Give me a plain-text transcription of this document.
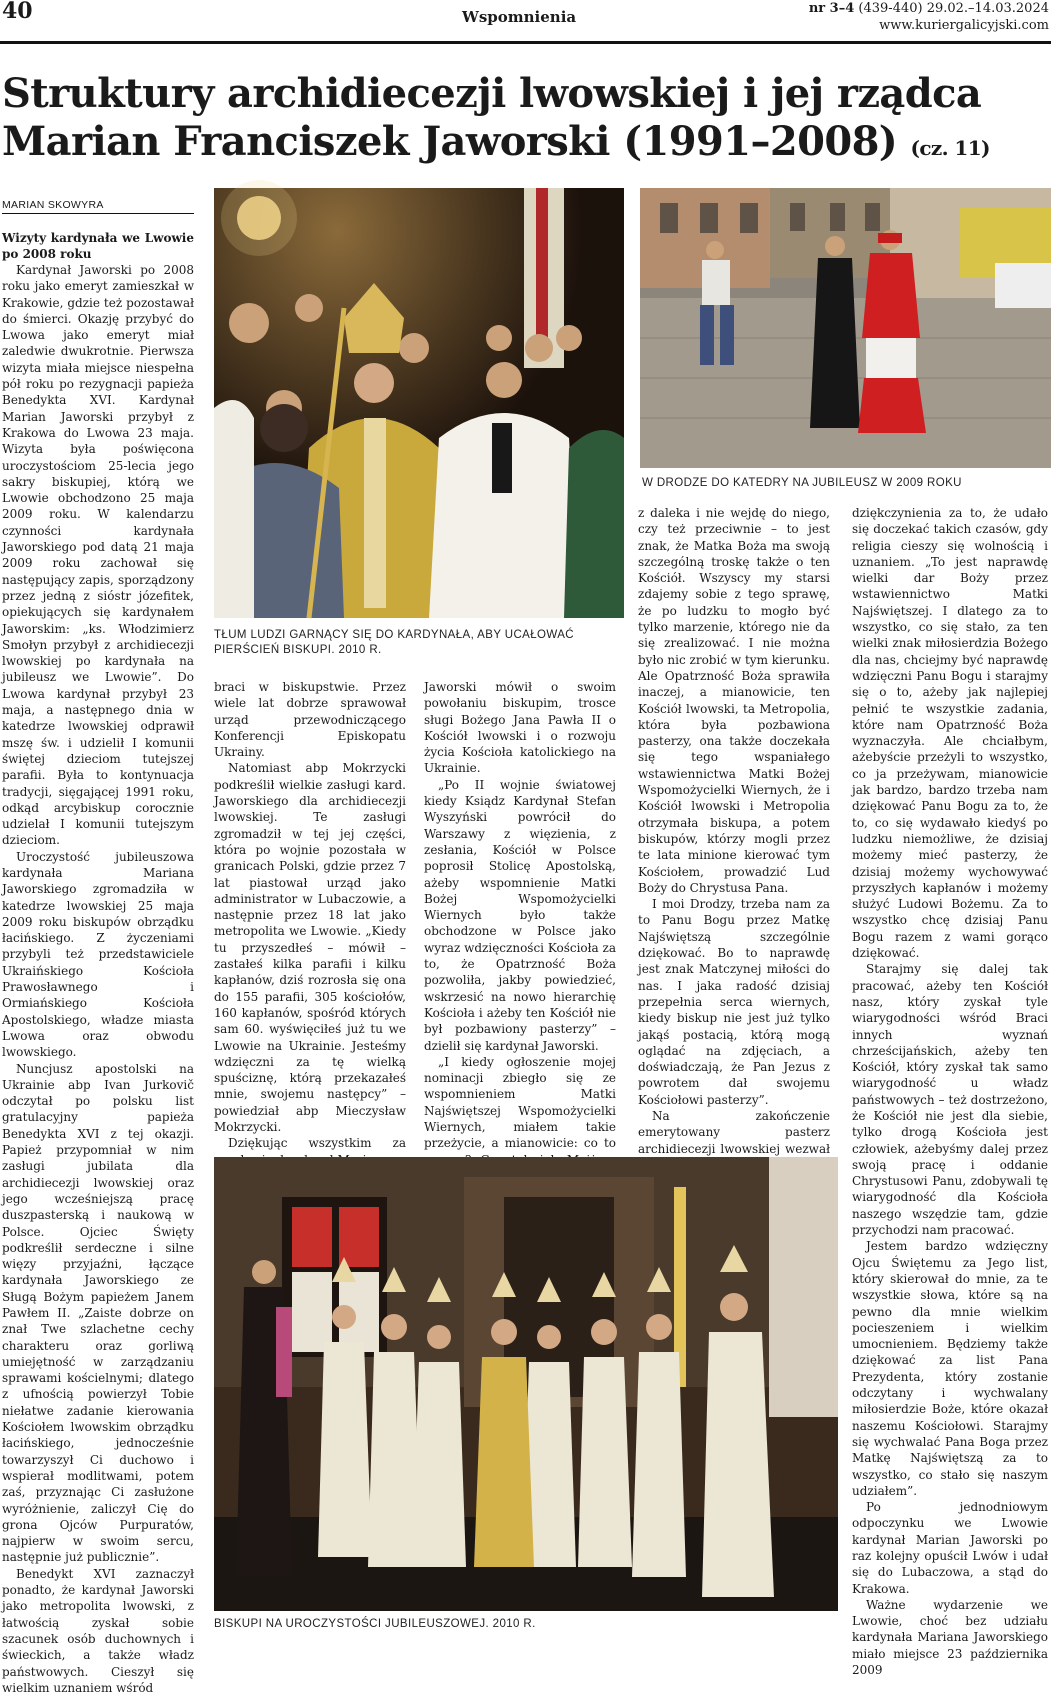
40	Wspomnienia	nr 3–4 (439-440) 29.02.–14.03.2024
www.kuriergalicyjski.com
Struktury archidiecezji lwowskiej i jej rządca
Marian Franciszek Jaworski (1991–2008) (cz. 11)
MARIAN SKOWYRA
Wizyty kardynała we Lwowie po 2008 roku

Kardynał Jaworski po 2008 roku jako emeryt zamieszkał w Krakowie, gdzie też pozostawał do śmierci. Okazję przybyć do Lwowa jako emeryt miał zaledwie dwukrotnie. Pierwsza wizyta miała miejsce niespełna pół roku po rezygnacji papieża Benedykta XVI. Kardynał Marian Jaworski przybył z Krakowa do Lwowa 23 maja. Wizyta była poświęcona uroczystościom 25-lecia jego sakry biskupiej, którą we Lwowie obchodzono 25 maja 2009 roku. W kalendarzu czynności kardynała Jaworskiego pod datą 21 maja 2009 roku zachował się następujący zapis, sporządzony przez jedną z sióstr józefitek, opiekujących się kardynałem Jaworskim: „ks. Włodzimierz Smołyn przybył z archidiecezji lwowskiej po kardynała na jubileusz we Lwowie”. Do Lwowa kardynał przybył 23 maja, a następnego dnia w katedrze lwowskiej odprawił mszę św. i udzielił I komunii świętej dzieciom tutejszej parafii. Była to kontynuacja tradycji, sięgającej 1991 roku, odkąd arcybiskup corocznie udzielał I komunii tutejszym dzieciom.

Uroczystość jubileuszowa kardynała Mariana Jaworskiego zgromadziła w katedrze lwowskiej 25 maja 2009 roku biskupów obrządku łacińskiego. Z życzeniami przybyli też przedstawiciele Ukraińskiego Kościoła Prawosławnego i Ormiańskiego Kościoła Apostolskiego, władze miasta Lwowa oraz obwodu lwowskiego.

Nuncjusz apostolski na Ukrainie abp Ivan Jurkovič odczytał po polsku list gratulacyjny papieża Benedykta XVI z tej okazji. Papież przypomniał w nim zasługi jubilata dla archidiecezji lwowskiej oraz jego wcześniejszą pracę duszpasterską i naukową w Polsce. Ojciec Święty podkreślił serdeczne i silne więzy przyjaźni, łączące kardynała Jaworskiego ze Sługą Bożym papieżem Janem Pawłem II. „Zaiste dobrze on znał Twe szlachetne cechy charakteru oraz gorliwą umiejętność w zarządzaniu sprawami kościelnymi; dlatego z ufnością powierzył Tobie niełatwe zadanie kierowania Kościołem lwowskim obrządku łacińskiego, jednocześnie towarzyszył Ci duchowo i wspierał modlitwami, potem zaś, przyznając Ci zasłużone wyróżnienie, zaliczył Cię do grona Ojców Purpuratów, najpierw w swoim sercu, następnie już publicznie”.

Benedykt XVI zaznaczył ponadto, że kardynał Jaworski jako metropolita lwowski, z łatwością zyskał sobie szacunek osób duchownych i świeckich, a także władz państwowych. Cieszył się wielkim uznaniem wśród

TŁUM LUDZI GARNĄCY SIĘ DO KARDYNAŁA, ABY UCAŁOWAĆ PIERŚCIEŃ BISKUPI. 2010 R.
W DRODZE DO KATEDRY NA JUBILEUSZ W 2009 ROKU

braci w biskupstwie. Przez wiele lat dobrze sprawował urząd przewodniczącego Konferencji Episkopatu Ukrainy.

Natomiast abp Mokrzycki podkreślił wielkie zasługi kard. Jaworskiego dla archidiecezji lwowskiej. Te zasługi zgromadził w tej jej części, która po wojnie pozostała w granicach Polski, gdzie przez 7 lat piastował urząd jako administrator w Lubaczowie, a następnie przez 18 lat jako metropolita we Lwowie. „Kiedy tu przyszedłeś – mówił – zastałeś kilka parafii i kilku kapłanów, dziś rozrosła się ona do 155 parafii, 305 kościołów, 160 kapłanów, spośród których sam 60. wyświęciłeś już tu we Lwowie na Ukrainie. Jesteśmy wdzięczni za tę wielką spuściznę, którą przekazałeś mnie, swojemu następcy” – powiedział abp Mieczysław Mokrzycki.

Dziękując wszystkim za

Jaworski mówił o swoim powołaniu biskupim, trosce sługi Bożego Jana Pawła II o Kościół lwowski i o rozwoju życia Kościoła katolickiego na Ukrainie.

„Po II wojnie światowej kiedy Ksiądz Kardynał Stefan Wyszyński powrócił do Warszawy z więzienia, z zesłania, Kościół w Polsce poprosił Stolicę Apostolską, ażeby wspomnienie Matki Bożej Wspomożycielki Wiernych było także obchodzone w Polsce jako wyraz wdzięczności Kościoła za to, że Opatrzność Boża pozwoliła, jakby powiedzieć, wskrzesić na nowo hierarchię Kościoła i ażeby ten Kościół nie był pozbawiony pasterzy” – dzielił się kardynał Jaworski.

„I kiedy ogłoszenie mojej nominacji zbiegło się ze wspomnieniem Matki Najświętszej Wspomożycielki Wiernych, miałem takie przeżycie, a mianowicie: co to

z daleka i nie wejdę do niego, czy też przeciwnie – to jest znak, że Matka Boża ma swoją szczególną troskę także o ten Kościół. Wszyscy my starsi zdajemy sobie z tego sprawę, że po ludzku to mogło być tylko marzenie, którego nie da się zrealizować. I nie można było nic zrobić w tym kierunku. Ale Opatrzność Boża sprawiła inaczej, a mianowicie, ten Kościół lwowski, ta Metropolia, która była pozbawiona pasterzy, ona także doczekała się tego wspaniałego wstawiennictwa Matki Bożej Wspomożycielki Wiernych, że i Kościół lwowski i Metropolia otrzymała biskupa, a potem biskupów, którzy mogli przez te lata minione kierować tym Kościołem, prowadzić Lud Boży do Chrystusa Pana.

I moi Drodzy, trzeba nam za to Panu Bogu przez Matkę Najświętszą szczególnie dziękować. Bo to naprawdę jest znak Matczynej miłości do nas. I jaka radość dzisiaj przepełnia serca wiernych, kiedy biskup nie jest już tylko jakąś postacią, którą mogą oglądać na zdjęciach, a doświadczają, że Pan Jezus z powrotem dał swojemu Kościołowi pasterzy”.

Na zakończenie emerytowany pasterz archidiecezji lwowskiej wezwał

dziękczynienia za to, że udało się doczekać takich czasów, gdy religia cieszy się wolnością i uznaniem. „To jest naprawdę wielki dar Boży przez wstawiennictwo Matki Najświętszej. I dlatego za to wszystko, co się stało, za ten wielki znak miłosierdzia Bożego dla nas, chciejmy być naprawdę wdzięczni Panu Bogu i starajmy się o to, ażeby jak najlepiej pełnić te wszystkie zadania, które nam Opatrzność Boża wyznaczyła. Ale chciałbym, ażebyście przeżyli to wszystko, co ja przeżywam, mianowicie jak bardzo, bardzo trzeba nam dziękować Panu Bogu za to, że to, co się wydawało kiedyś po ludzku niemożliwe, że dzisiaj możemy mieć pasterzy, że dzisiaj możemy wychowywać przyszłych kapłanów i możemy służyć Ludowi Bożemu. Za to wszystko chcę dzisiaj Panu Bogu razem z wami gorąco dziękować.

Starajmy się dalej tak pracować, ażeby ten Kościół nasz, który zyskał tyle wiarygodności wśród Braci innych wyznań chrześcijańskich, ażeby ten Kościół, który zyskał tak samo wiarygodność u władz państwowych – też dostrzeżono, że Kościół nie jest dla siebie, tylko drogą Kościoła jest człowiek, ażebyśmy dalej przez swoją pracę i oddanie Chrystusowi Panu, zdobywali tę wiarygodność dla Kościoła naszego wszędzie tam, gdzie przychodzi nam pracować.

Jestem bardzo wdzięczny Ojcu Świętemu za Jego list, który skierował do mnie, za te wszystkie słowa, które są na pewno dla mnie wielkim pocieszeniem i wielkim umocnieniem. Będziemy także dziękować za list Pana Prezydenta, który zostanie odczytany i wychwalany miłosierdzie Boże, które okazał naszemu Kościołowi. Starajmy się wychwalać Pana Boga przez Matkę Najświętszą za to wszystko, co stało się naszym udziałem”.

Po jednodniowym odpoczynku we Lwowie kardynał Marian Jaworski po raz kolejny opuścił Lwów i udał się do Lubaczowa, a stąd do Krakowa.

Ważne wydarzenie we Lwowie, choć bez udziału kardynała Mariana Jaworskiego miało miejsce 23 października 2009

BISKUPI NA UROCZYSTOŚCI JUBILEUSZOWEJ. 2010 R.
